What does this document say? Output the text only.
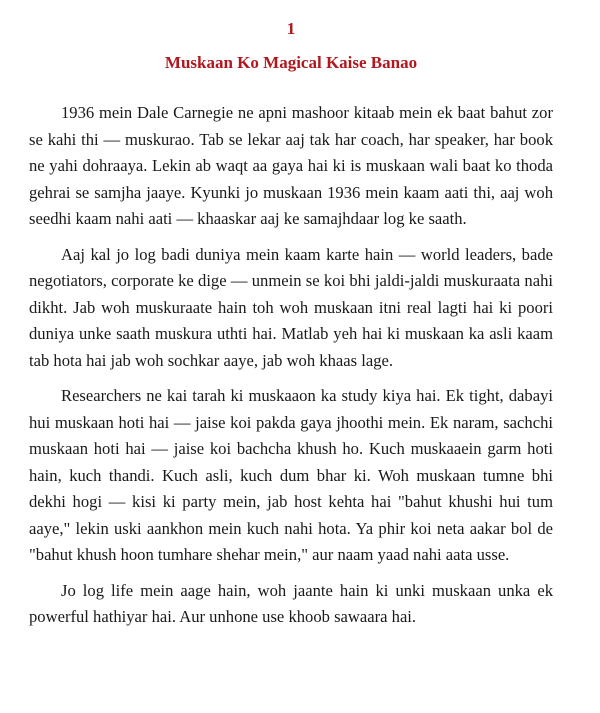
1
Muskaan Ko Magical Kaise Banao

1936 mein Dale Carnegie ne apni mashoor kitaab mein ek baat bahut zor se kahi thi — muskurao. Tab se lekar aaj tak har coach, har speaker, har book ne yahi dohraaya. Lekin ab waqt aa gaya hai ki is muskaan wali baat ko thoda gehrai se samjha jaaye. Kyunki jo muskaan 1936 mein kaam aati thi, aaj woh seedhi kaam nahi aati — khaaskar aaj ke samajhdaar log ke saath.

Aaj kal jo log badi duniya mein kaam karte hain — world leaders, bade negotiators, corporate ke dige — unmein se koi bhi jaldi-jaldi muskuraata nahi dikht. Jab woh muskuraate hain toh woh muskaan itni real lagti hai ki poori duniya unke saath muskura uthti hai. Matlab yeh hai ki muskaan ka asli kaam tab hota hai jab woh sochkar aaye, jab woh khaas lage.

Researchers ne kai tarah ki muskaaon ka study kiya hai. Ek tight, dabayi hui muskaan hoti hai — jaise koi pakda gaya jhoothi mein. Ek naram, sachchi muskaan hoti hai — jaise koi bachcha khush ho. Kuch muskaaein garm hoti hain, kuch thandi. Kuch asli, kuch dum bhar ki. Woh muskaan tumne bhi dekhi hogi — kisi ki party mein, jab host kehta hai "bahut khushi hui tum aaye," lekin uski aankhon mein kuch nahi hota. Ya phir koi neta aakar bol de "bahut khush hoon tumhare shehar mein," aur naam yaad nahi aata usse.

Jo log life mein aage hain, woh jaante hain ki unki muskaan unka ek powerful hathiyar hai. Aur unhone use khoob sawaara hai.
